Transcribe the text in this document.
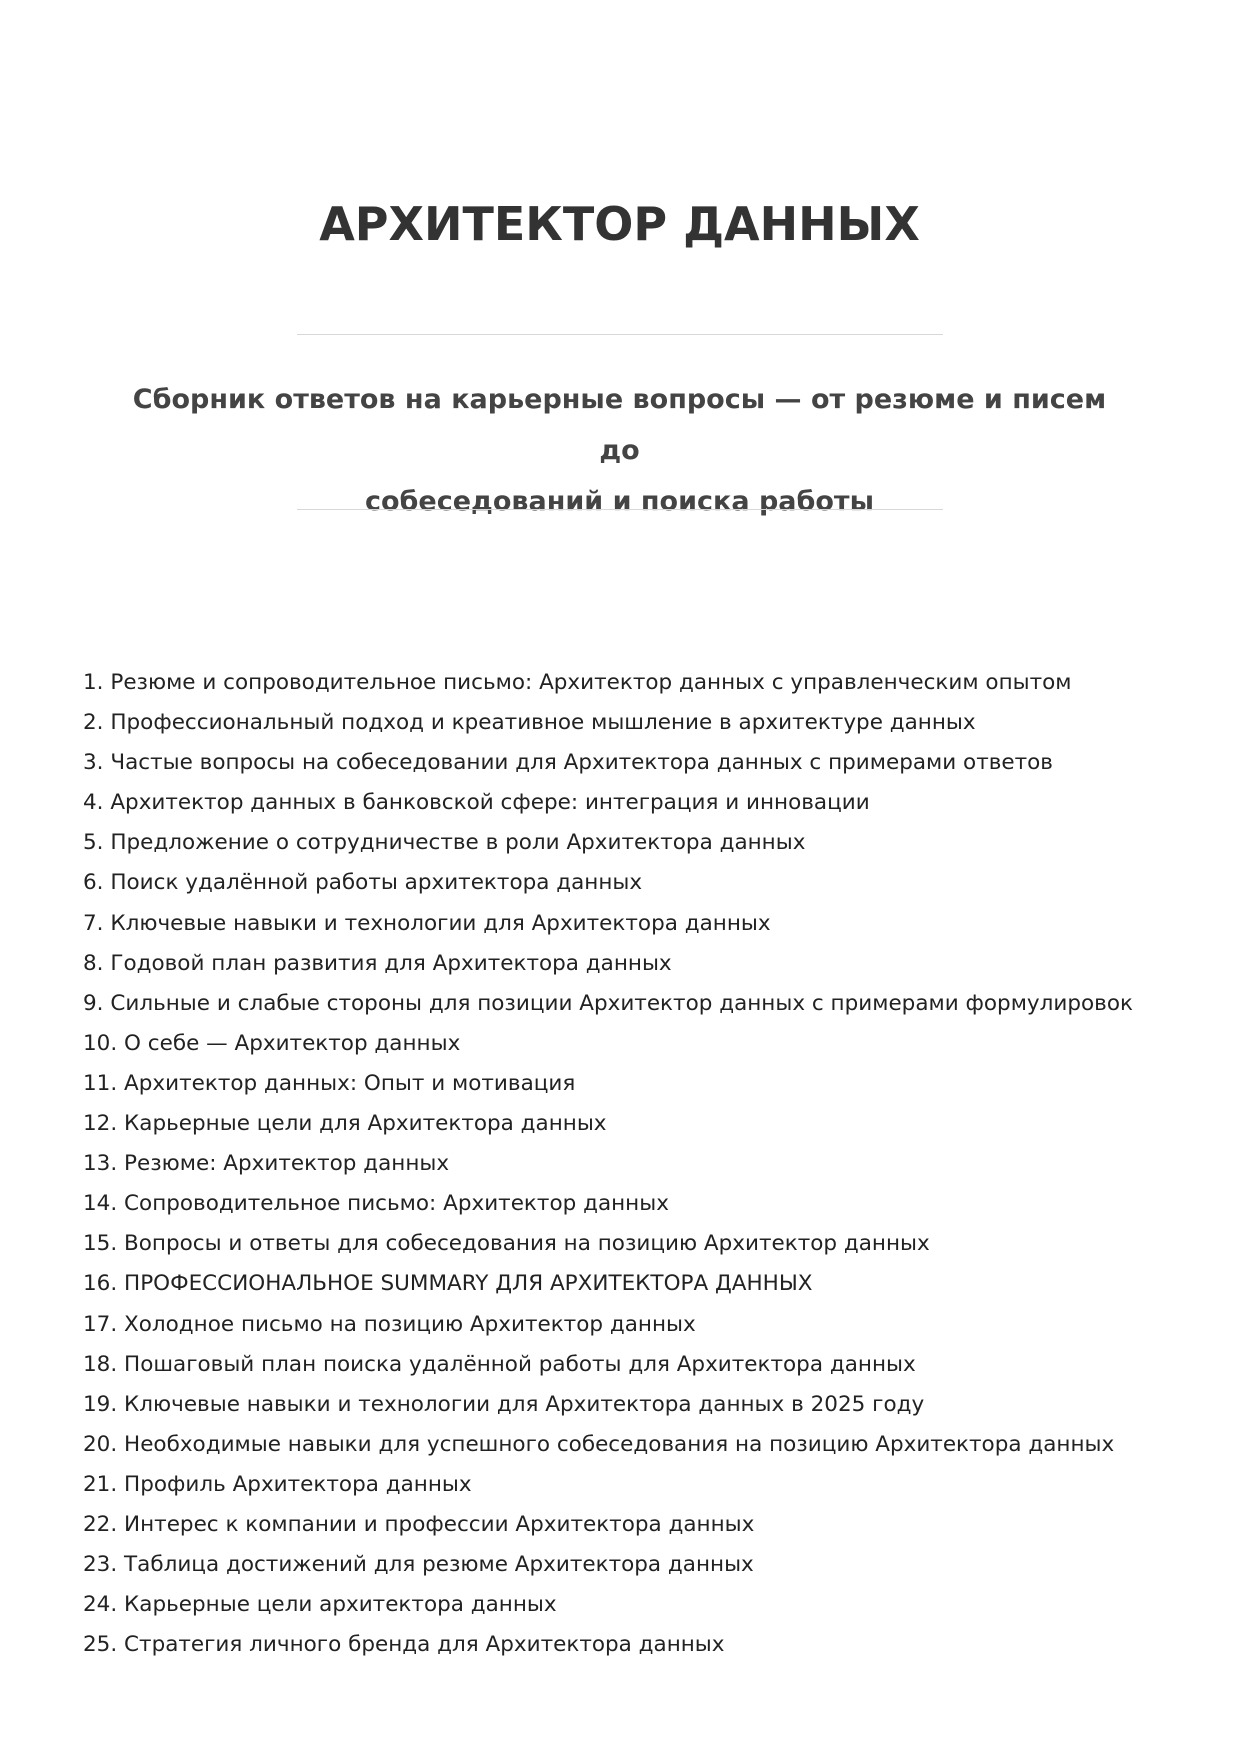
АРХИТЕКТОР ДАННЫХ
Сборник ответов на карьерные вопросы — от резюме и писем до
собеседований и поиска работы
1. Резюме и сопроводительное письмо: Архитектор данных с управленческим опытом
2. Профессиональный подход и креативное мышление в архитектуре данных
3. Частые вопросы на собеседовании для Архитектора данных с примерами ответов
4. Архитектор данных в банковской сфере: интеграция и инновации
5. Предложение о сотрудничестве в роли Архитектора данных
6. Поиск удалённой работы архитектора данных
7. Ключевые навыки и технологии для Архитектора данных
8. Годовой план развития для Архитектора данных
9. Сильные и слабые стороны для позиции Архитектор данных с примерами формулировок
10. О себе — Архитектор данных
11. Архитектор данных: Опыт и мотивация
12. Карьерные цели для Архитектора данных
13. Резюме: Архитектор данных
14. Сопроводительное письмо: Архитектор данных
15. Вопросы и ответы для собеседования на позицию Архитектор данных
16. ПРОФЕССИОНАЛЬНОЕ SUMMARY ДЛЯ АРХИТЕКТОРА ДАННЫХ
17. Холодное письмо на позицию Архитектор данных
18. Пошаговый план поиска удалённой работы для Архитектора данных
19. Ключевые навыки и технологии для Архитектора данных в 2025 году
20. Необходимые навыки для успешного собеседования на позицию Архитектора данных
21. Профиль Архитектора данных
22. Интерес к компании и профессии Архитектора данных
23. Таблица достижений для резюме Архитектора данных
24. Карьерные цели архитектора данных
25. Стратегия личного бренда для Архитектора данных
